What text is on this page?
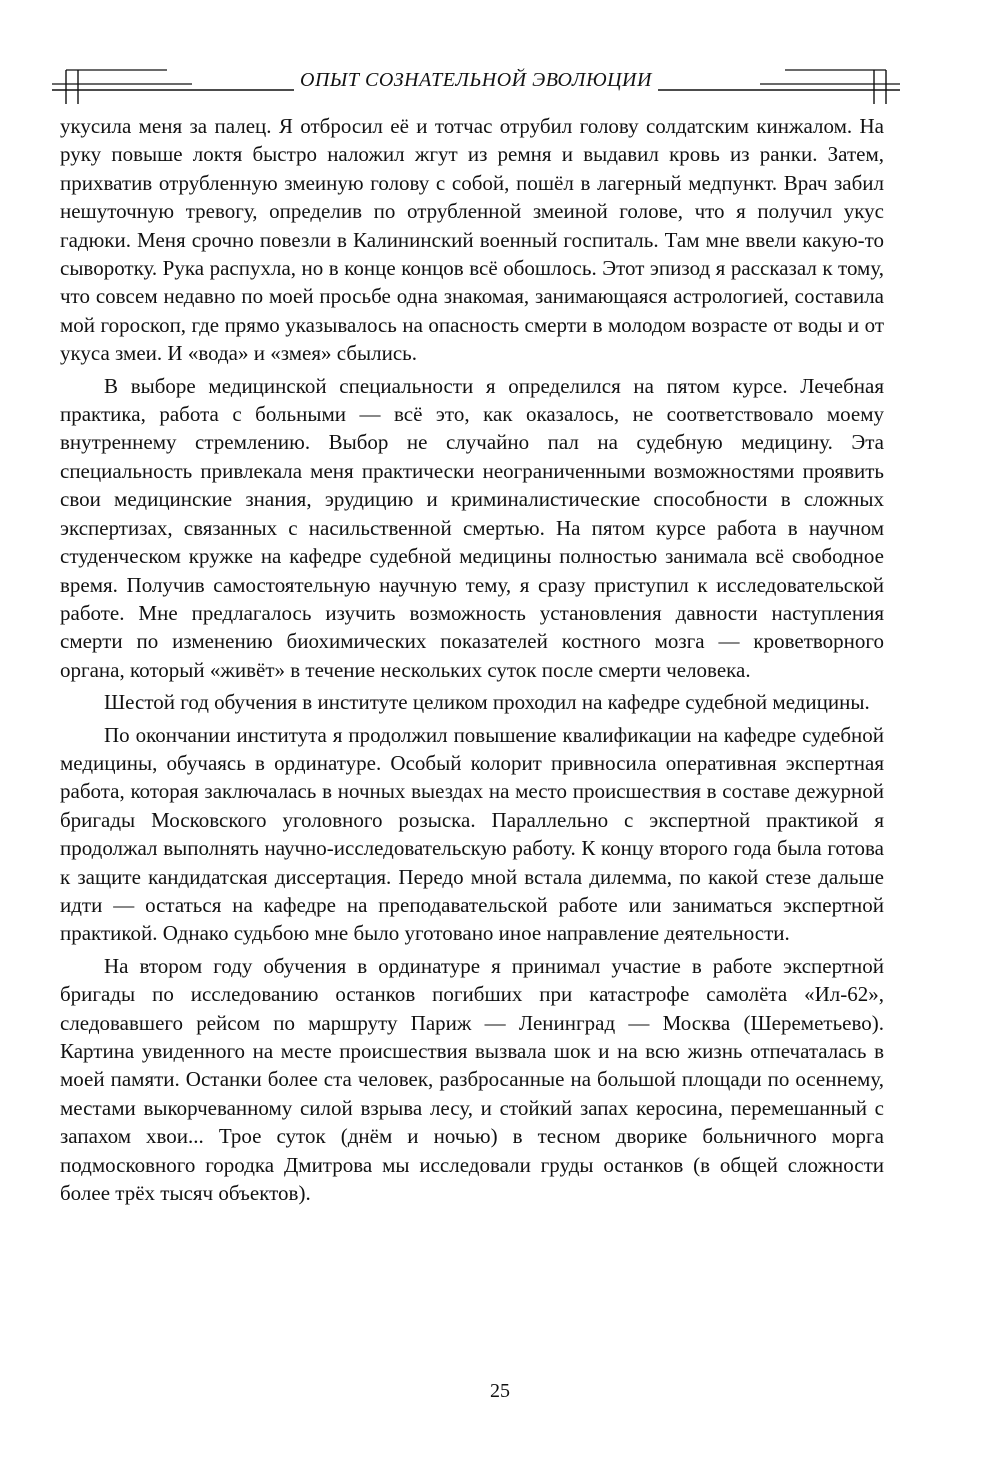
ОПЫТ СОЗНАТЕЛЬНОЙ ЭВОЛЮЦИИ

укусила меня за палец. Я отбросил её и тотчас отрубил голову солдатским кинжалом. На руку повыше локтя быстро наложил жгут из ремня и выдавил кровь из ранки. Затем, прихватив отрубленную змеиную голову с собой, пошёл в лагерный медпункт. Врач забил нешуточную тревогу, определив по отрубленной змеиной голове, что я получил укус гадюки. Меня срочно повезли в Калининский военный госпиталь. Там мне ввели какую-то сыворотку. Рука распухла, но в конце концов всё обошлось. Этот эпизод я рассказал к тому, что совсем недавно по моей просьбе одна знакомая, занимающаяся астрологией, составила мой гороскоп, где прямо указывалось на опасность смерти в молодом возрасте от воды и от укуса змеи. И «вода» и «змея» сбылись.

В выборе медицинской специальности я определился на пятом курсе. Лечебная практика, работа с больными — всё это, как оказалось, не соответствовало моему внутреннему стремлению. Выбор не случайно пал на судебную медицину. Эта специальность привлекала меня практически неограниченными возможностями проявить свои медицинские знания, эрудицию и криминалистические способности в сложных экспертизах, связанных с насильственной смертью. На пятом курсе работа в научном студенческом кружке на кафедре судебной медицины полностью занимала всё свободное время. Получив самостоятельную научную тему, я сразу приступил к исследовательской работе. Мне предлагалось изучить возможность установления давности наступления смерти по изменению биохимических показателей костного мозга — кроветворного органа, который «живёт» в течение нескольких суток после смерти человека.

Шестой год обучения в институте целиком проходил на кафедре судебной медицины.

По окончании института я продолжил повышение квалификации на кафедре судебной медицины, обучаясь в ординатуре. Особый колорит привносила оперативная экспертная работа, которая заключалась в ночных выездах на место происшествия в составе дежурной бригады Московского уголовного розыска. Параллельно с экспертной практикой я продолжал выполнять научно-исследовательскую работу. К концу второго года была готова к защите кандидатская диссертация. Передо мной встала дилемма, по какой стезе дальше идти — остаться на кафедре на преподавательской работе или заниматься экспертной практикой. Однако судьбою мне было уготовано иное направление деятельности.

На втором году обучения в ординатуре я принимал участие в работе экспертной бригады по исследованию останков погибших при катастрофе самолёта «Ил-62», следовавшего рейсом по маршруту Париж — Ленинград — Москва (Шереметьево). Картина увиденного на месте происшествия вызвала шок и на всю жизнь отпечаталась в моей памяти. Останки более ста человек, разбросанные на большой площади по осеннему, местами выкорчеванному силой взрыва лесу, и стойкий запах керосина, перемешанный с запахом хвои... Трое суток (днём и ночью) в тесном дворике больничного морга подмосковного городка Дмитрова мы исследовали груды останков (в общей сложности более трёх тысяч объектов).

25
